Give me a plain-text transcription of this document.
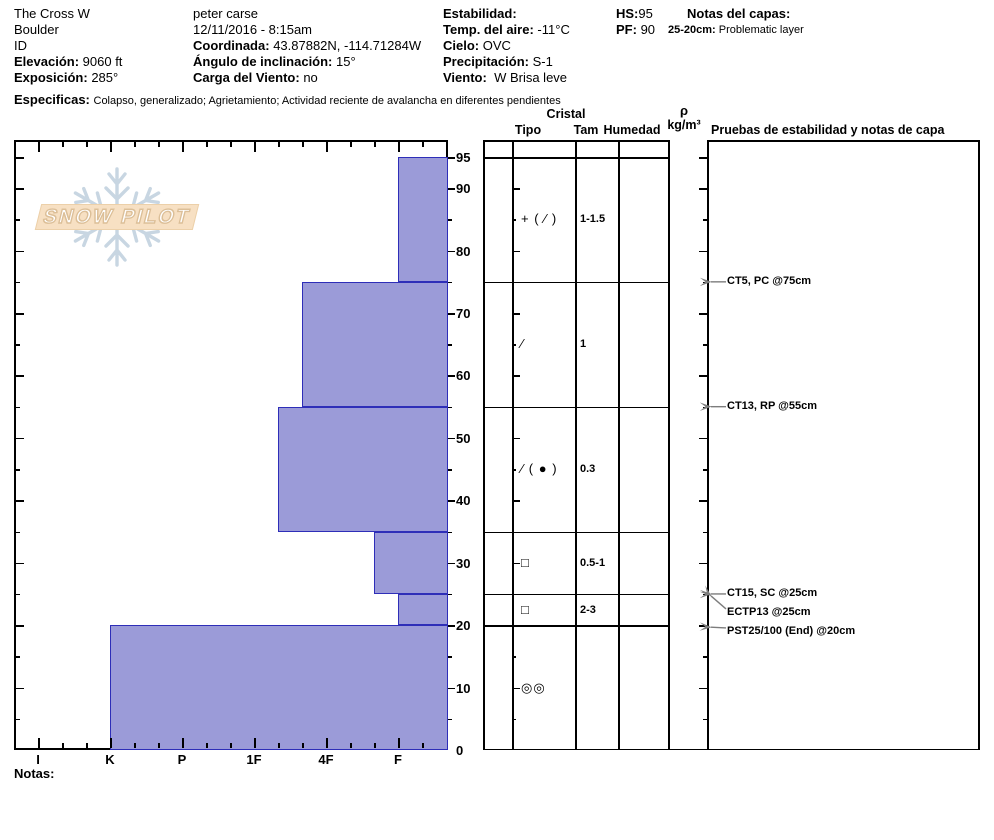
The Cross W
Boulder
ID
Elevación: 9060 ft
Exposición: 285°
peter carse
12/11/2016 - 8:15am
Coordinada: 43.87882N, -114.71284W
Ángulo de inclinación: 15°
Carga del Viento: no
Estabilidad:
Temp. del aire: -11°C
Cielo: OVC
Precipitación: S-1
Viento: W Brisa leve
HS:95
PF: 90
Notas del capas:
25-20cm: Problematic layer
Especificas: Colapso, generalizado; Agrietamiento; Actividad reciente de avalancha en diferentes pendientes
SNOW PILOT
0
10
20
30
40
50
60
70
80
90
95
I	K	P	1F	4F	F
+ ( ⁄ ) 1-1.5
⁄	1
⁄ ( ● ) 0.3
□	0.5-1
□	2-3
◎◎
CT5, PC @75cm
CT13, RP @55cm
CT15, SC @25cm
ECTP13 @25cm
PST25/100 (End) @20cm
Cristal
Tipo	Tam Humedad
ρ
kg/m³ Pruebas de estabilidad y notas de capa
Notas:
